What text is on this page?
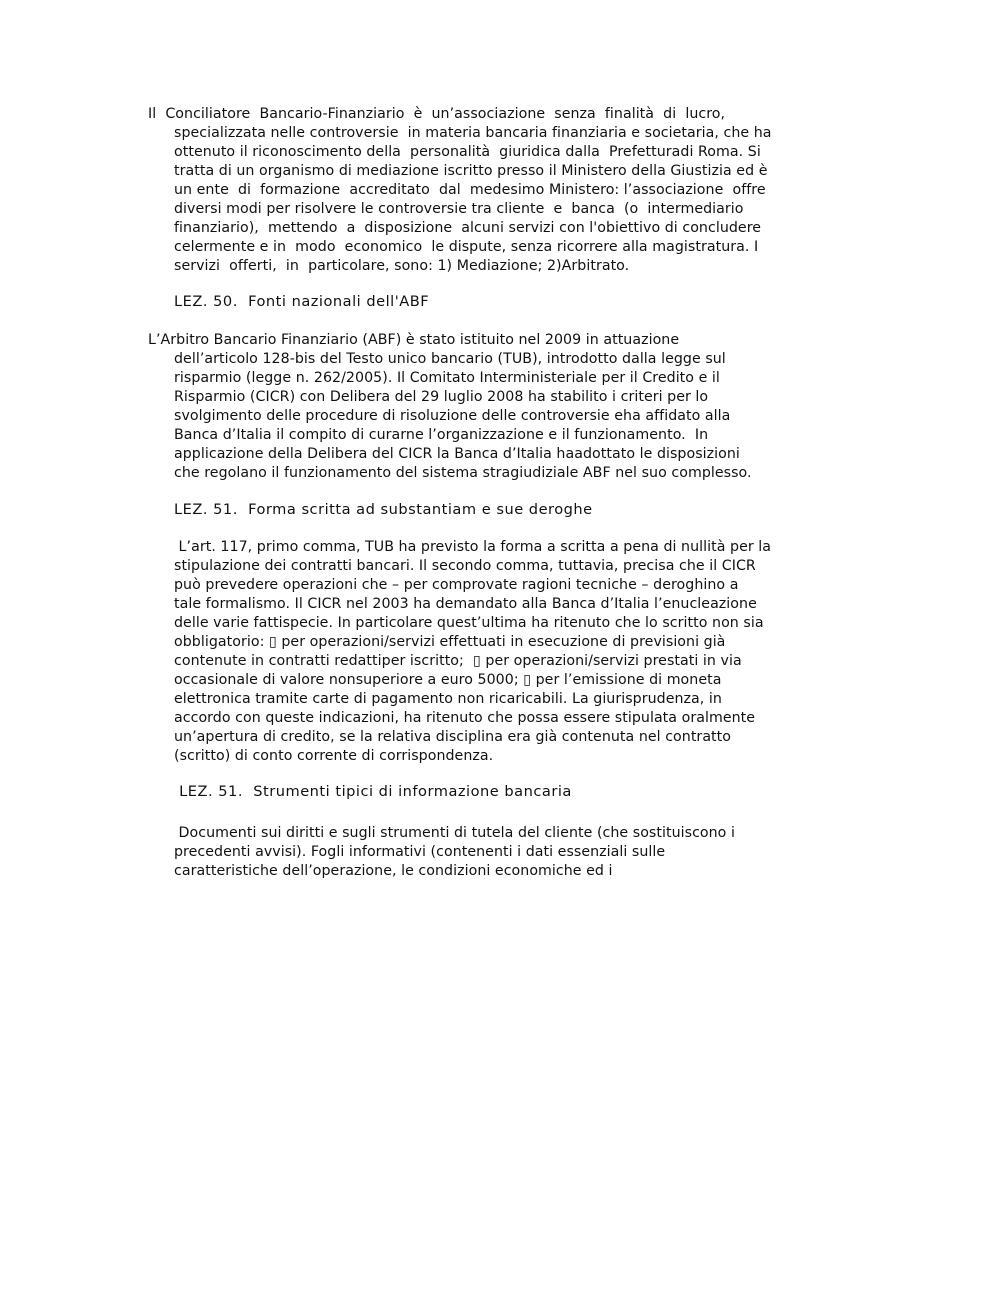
Il  Conciliatore  Bancario-Finanziario  è  un’associazione  senza  finalità  di  lucro,
specializzata nelle controversie  in materia bancaria finanziaria e societaria, che ha
ottenuto il riconoscimento della  personalità  giuridica dalla  Prefetturadi Roma. Si
tratta di un organismo di mediazione iscritto presso il Ministero della Giustizia ed è
un ente  di  formazione  accreditato  dal  medesimo Ministero: l’associazione  offre
diversi modi per risolvere le controversie tra cliente  e  banca  (o  intermediario
finanziario),  mettendo  a  disposizione  alcuni servizi con l'obiettivo di concludere
celermente e in  modo  economico  le dispute, senza ricorrere alla magistratura. I
servizi  offerti,  in  particolare, sono: 1) Mediazione; 2)Arbitrato.
LEZ. 50.  Fonti nazionali dell'ABF
L’Arbitro Bancario Finanziario (ABF) è stato istituito nel 2009 in attuazione
dell’articolo 128-bis del Testo unico bancario (TUB), introdotto dalla legge sul
risparmio (legge n. 262/2005). Il Comitato Interministeriale per il Credito e il
Risparmio (CICR) con Delibera del 29 luglio 2008 ha stabilito i criteri per lo
svolgimento delle procedure di risoluzione delle controversie eha affidato alla
Banca d’Italia il compito di curarne l’organizzazione e il funzionamento.  In
applicazione della Delibera del CICR la Banca d’Italia haadottato le disposizioni
che regolano il funzionamento del sistema stragiudiziale ABF nel suo complesso.
LEZ. 51.  Forma scritta ad substantiam e sue deroghe
L’art. 117, primo comma, TUB ha previsto la forma a scritta a pena di nullità per la
stipulazione dei contratti bancari. Il secondo comma, tuttavia, precisa che il CICR
può prevedere operazioni che – per comprovate ragioni tecniche – deroghino a
tale formalismo. Il CICR nel 2003 ha demandato alla Banca d’Italia l’enucleazione
delle varie fattispecie. In particolare quest’ultima ha ritenuto che lo scritto non sia
obbligatorio: ▯ per operazioni/servizi effettuati in esecuzione di previsioni già
contenute in contratti redattiper iscritto;  ▯ per operazioni/servizi prestati in via
occasionale di valore nonsuperiore a euro 5000; ▯ per l’emissione di moneta
elettronica tramite carte di pagamento non ricaricabili. La giurisprudenza, in
accordo con queste indicazioni, ha ritenuto che possa essere stipulata oralmente
un’apertura di credito, se la relativa disciplina era già contenuta nel contratto
(scritto) di conto corrente di corrispondenza.
LEZ. 51.  Strumenti tipici di informazione bancaria
Documenti sui diritti e sugli strumenti di tutela del cliente (che sostituiscono i
precedenti avvisi). Fogli informativi (contenenti i dati essenziali sulle
caratteristiche dell’operazione, le condizioni economiche ed i
